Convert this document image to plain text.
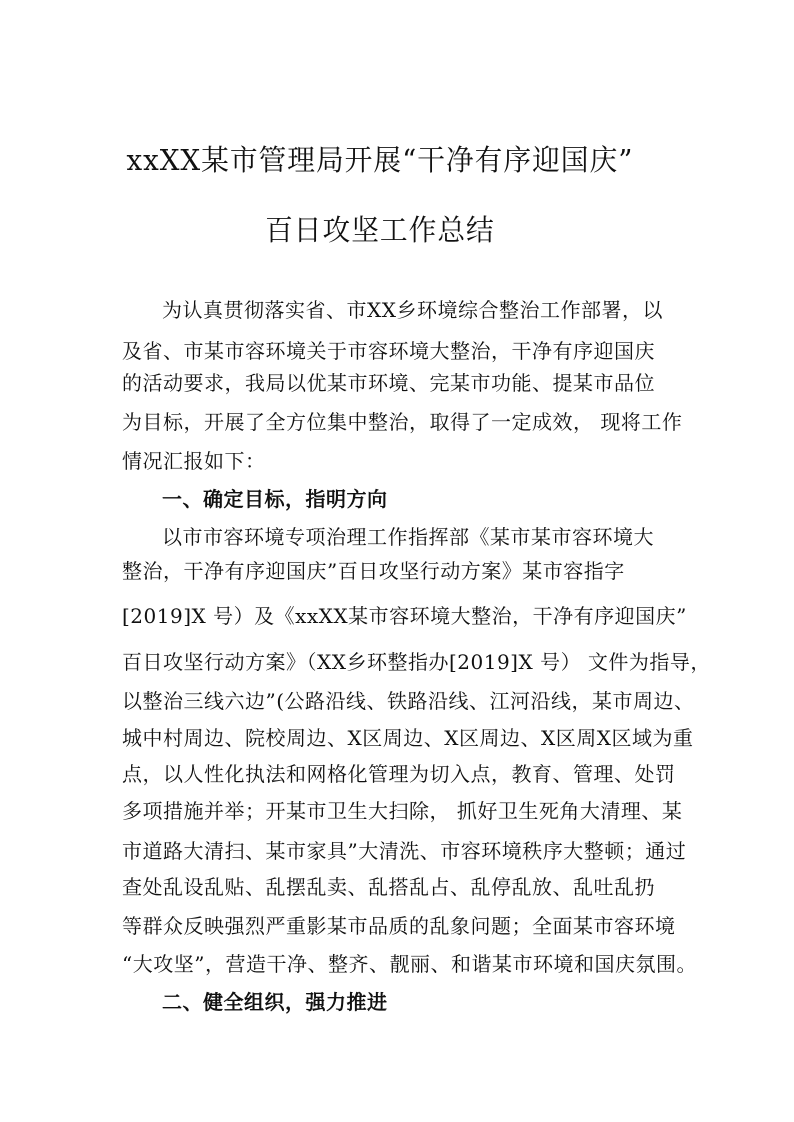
xxXX某市管理局开展“干净有序迎国庆”
百日攻坚工作总结
为认真贯彻落实省、市XX乡环境综合整治工作部署，以
及省、市某市容环境关于市容环境大整治，干净有序迎国庆
的活动要求，我局以优某市环境、完某市功能、提某市品位
为目标，开展了全方位集中整治，取得了一定成效， 现将工作
情况汇报如下：
一、确定目标，指明方向
以市市容环境专项治理工作指挥部《某市某市容环境大
整治，干净有序迎国庆”百日攻坚行动方案》某市容指字
[2019]X 号）及《xxXX某市容环境大整治，干净有序迎国庆”
百日攻坚行动方案》（XX乡环整指办[2019]X 号） 文件为指导，
以整治三线六边”(公路沿线、铁路沿线、江河沿线，某市周边、
城中村周边、院校周边、X区周边、X区周边、X区周X区域为重
点，以人性化执法和网格化管理为切入点，教育、管理、处罚
多项措施并举；开某市卫生大扫除， 抓好卫生死角大清理、某
市道路大清扫、某市家具”大清洗、市容环境秩序大整顿；通过
查处乱设乱贴、乱摆乱卖、乱搭乱占、乱停乱放、乱吐乱扔
等群众反映强烈严重影某市品质的乱象问题；全面某市容环境
“大攻坚”，营造干净、整齐、靓丽、和谐某市环境和国庆氛围。
二、健全组织，强力推进
